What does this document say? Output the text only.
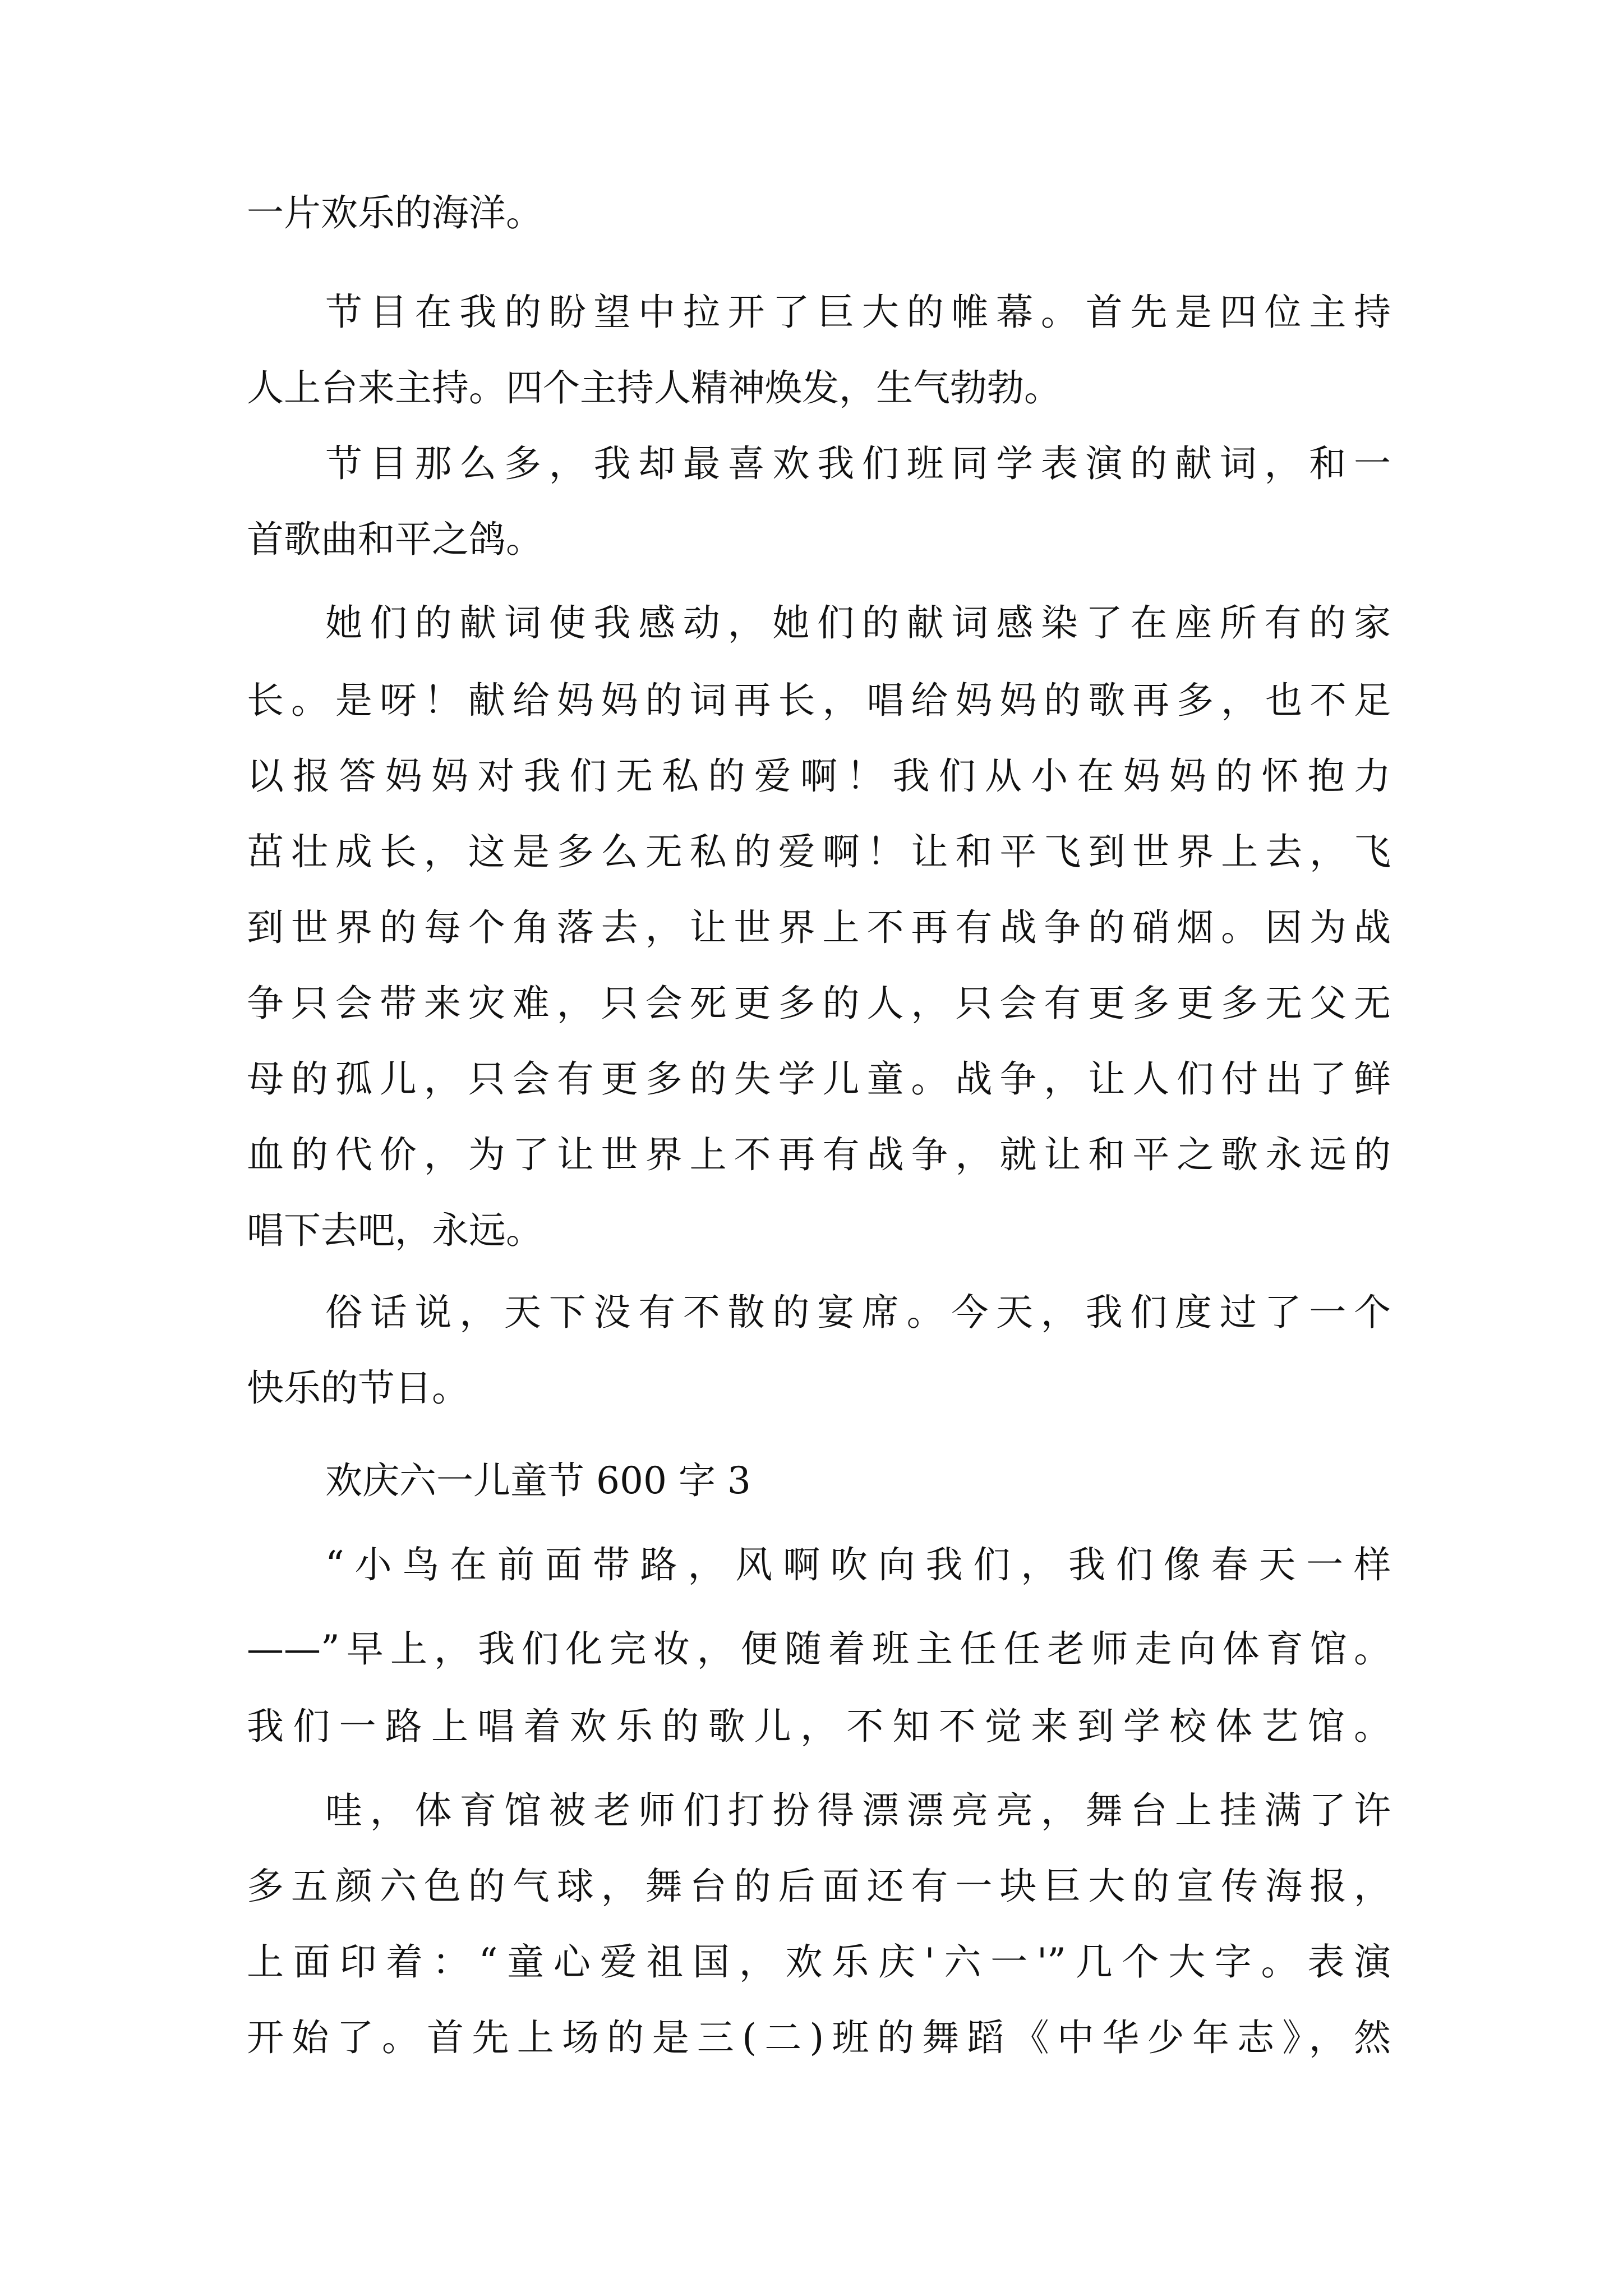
一片欢乐的海洋。
节目在我的盼望中拉开了巨大的帷幕。首先是四位主持
人上台来主持。四个主持人精神焕发，生气勃勃。
节目那么多，我却最喜欢我们班同学表演的献词，和一
首歌曲和平之鸽。
她们的献词使我感动，她们的献词感染了在座所有的家
长。是呀！献给妈妈的词再长，唱给妈妈的歌再多，也不足
以报答妈妈对我们无私的爱啊！我们从小在妈妈的怀抱力
茁壮成长，这是多么无私的爱啊！让和平飞到世界上去，飞
到世界的每个角落去，让世界上不再有战争的硝烟。因为战
争只会带来灾难，只会死更多的人，只会有更多更多无父无
母的孤儿，只会有更多的失学儿童。战争，让人们付出了鲜
血的代价，为了让世界上不再有战争，就让和平之歌永远的
唱下去吧，永远。
俗话说，天下没有不散的宴席。今天，我们度过了一个
快乐的节日。
欢庆六一儿童节 600 字 3
“小鸟在前面带路，风啊吹向我们，我们像春天一样
——”早上，我们化完妆，便随着班主任任老师走向体育馆。
我们一路上唱着欢乐的歌儿，不知不觉来到学校体艺馆。
哇，体育馆被老师们打扮得漂漂亮亮，舞台上挂满了许
多五颜六色的气球，舞台的后面还有一块巨大的宣传海报，
上面印着：“童心爱祖国，欢乐庆'六一'”几个大字。表演
开始了。首先上场的是三(二)班的舞蹈《中华少年志》，然
